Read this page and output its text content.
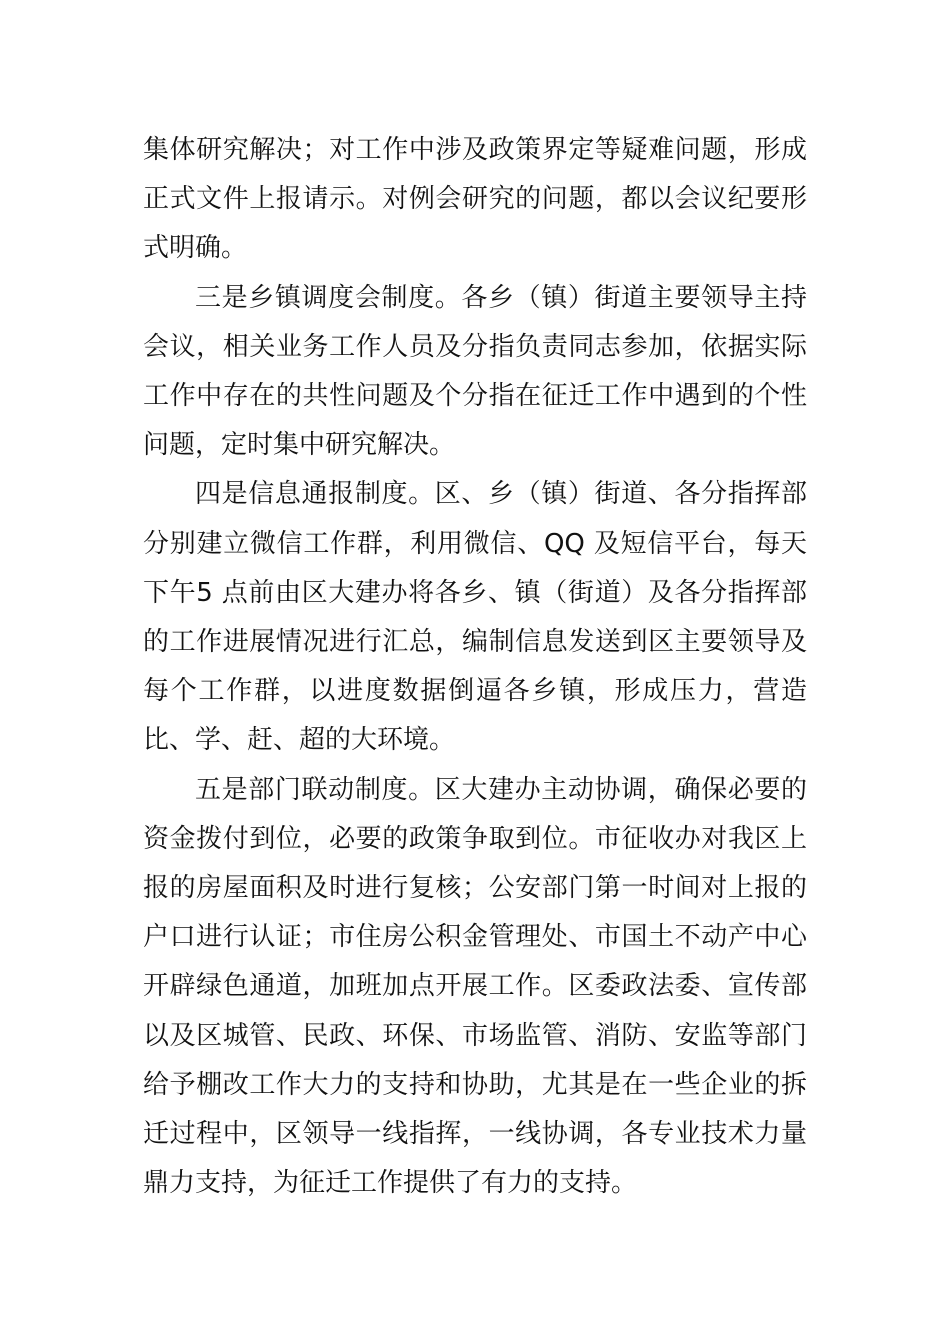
集体研究解决；对工作中涉及政策界定等疑难问题，形成正式文件上报请示。对例会研究的问题，都以会议纪要形式明确。

三是乡镇调度会制度。各乡（镇）街道主要领导主持会议，相关业务工作人员及分指负责同志参加，依据实际工作中存在的共性问题及个分指在征迁工作中遇到的个性问题，定时集中研究解决。

四是信息通报制度。区、乡（镇）街道、各分指挥部分别建立微信工作群，利用微信、QQ 及短信平台，每天下午5 点前由区大建办将各乡、镇（街道）及各分指挥部的工作进展情况进行汇总，编制信息发送到区主要领导及每个工作群，以进度数据倒逼各乡镇，形成压力，营造比、学、赶、超的大环境。

五是部门联动制度。区大建办主动协调，确保必要的资金拨付到位，必要的政策争取到位。市征收办对我区上报的房屋面积及时进行复核；公安部门第一时间对上报的户口进行认证；市住房公积金管理处、市国土不动产中心开辟绿色通道，加班加点开展工作。区委政法委、宣传部以及区城管、民政、环保、市场监管、消防、安监等部门给予棚改工作大力的支持和协助，尤其是在一些企业的拆迁过程中，区领导一线指挥，一线协调，各专业技术力量鼎力支持，为征迁工作提供了有力的支持。
